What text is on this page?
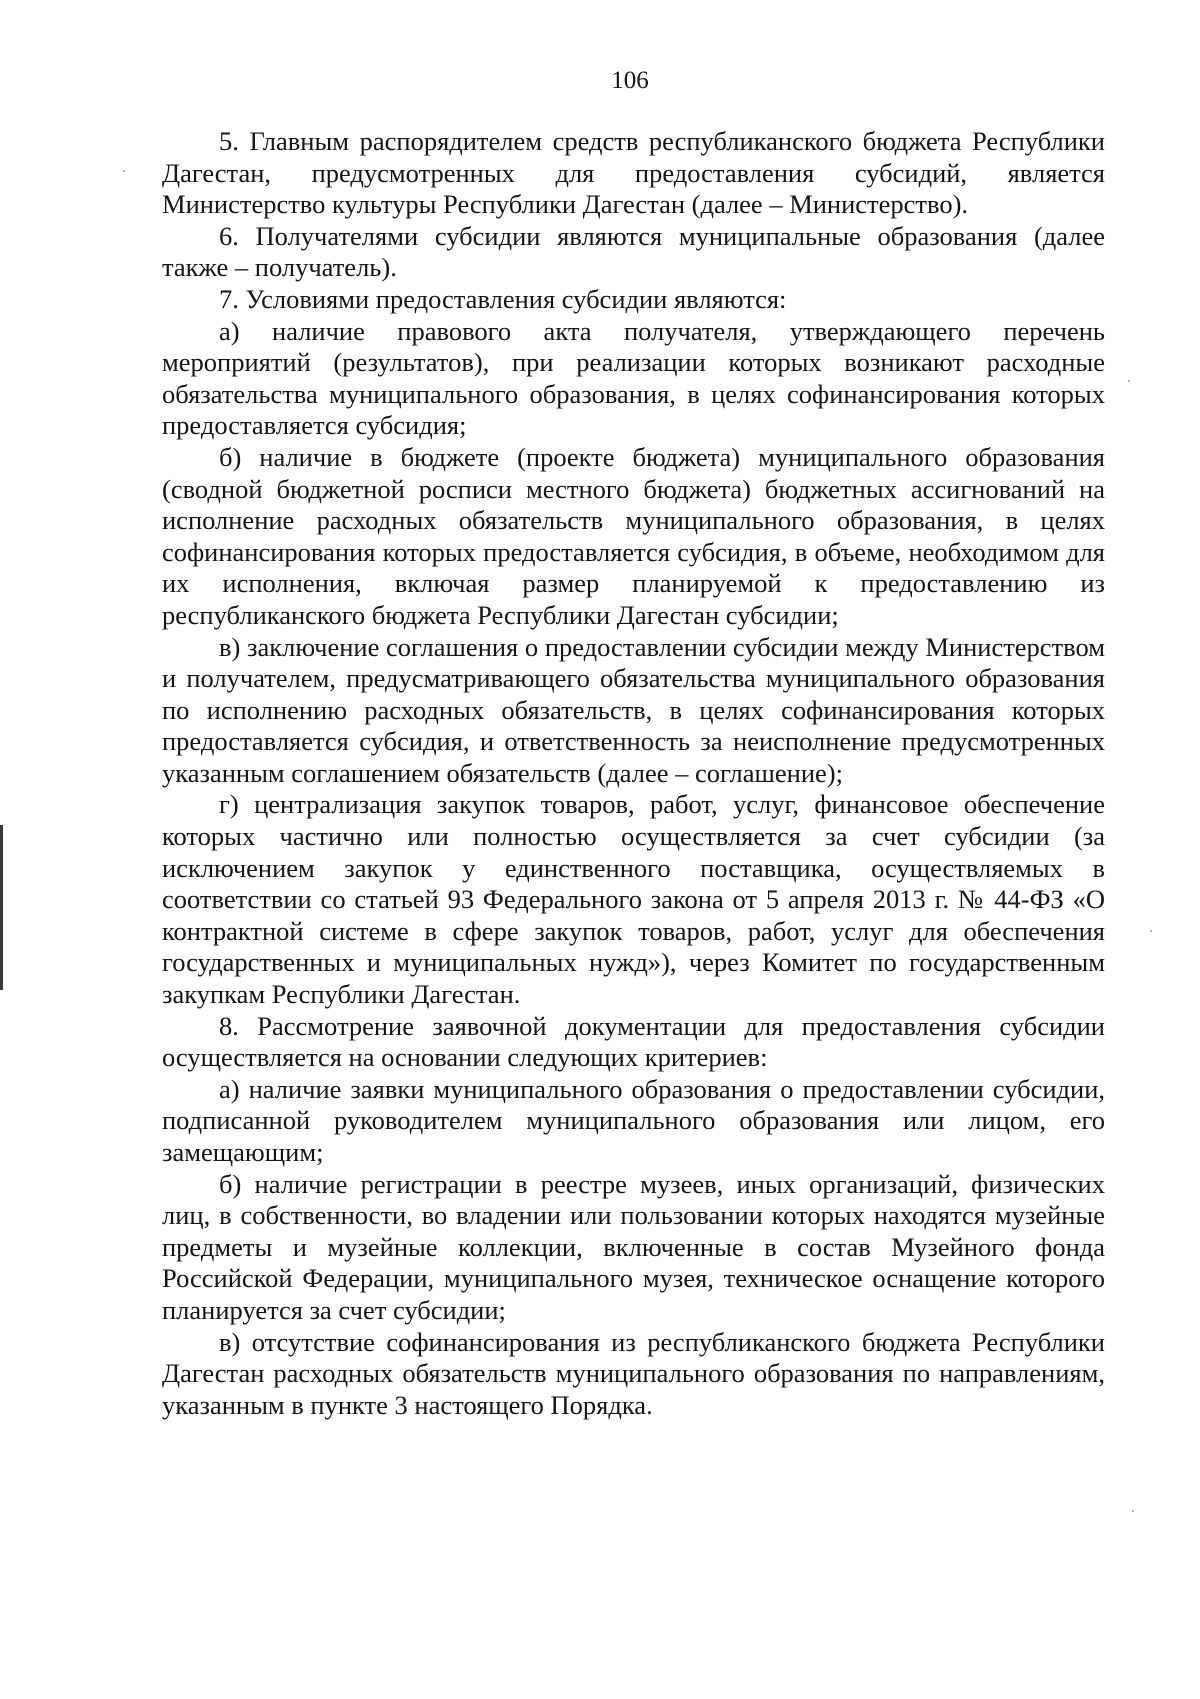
106

5. Главным распорядителем средств республиканского бюджета Республики Дагестан, предусмотренных для предоставления субсидий, является Министерство культуры Республики Дагестан (далее – Министерство).

6. Получателями субсидии являются муниципальные образования (далее также – получатель).

7. Условиями предоставления субсидии являются:

а) наличие правового акта получателя, утверждающего перечень мероприятий (результатов), при реализации которых возникают расходные обязательства муниципального образования, в целях софинансирования которых предоставляется субсидия;

б) наличие в бюджете (проекте бюджета) муниципального образования (сводной бюджетной росписи местного бюджета) бюджетных ассигнований на исполнение расходных обязательств муниципального образования, в целях софинансирования которых предоставляется субсидия, в объеме, необходимом для их исполнения, включая размер планируемой к предоставлению из республиканского бюджета Республики Дагестан субсидии;

в) заключение соглашения о предоставлении субсидии между Министерством и получателем, предусматривающего обязательства муниципального образования по исполнению расходных обязательств, в целях софинансирования которых предоставляется субсидия, и ответственность за неисполнение предусмотренных указанным соглашением обязательств (далее – соглашение);

г) централизация закупок товаров, работ, услуг, финансовое обеспечение которых частично или полностью осуществляется за счет субсидии (за исключением закупок у единственного поставщика, осуществляемых в соответствии со статьей 93 Федерального закона от 5 апреля 2013 г. № 44-ФЗ «О контрактной системе в сфере закупок товаров, работ, услуг для обеспечения государственных и муниципальных нужд»), через Комитет по государственным закупкам Республики Дагестан.

8. Рассмотрение заявочной документации для предоставления субсидии осуществляется на основании следующих критериев:

а) наличие заявки муниципального образования о предоставлении субсидии, подписанной руководителем муниципального образования или лицом, его замещающим;

б) наличие регистрации в реестре музеев, иных организаций, физических лиц, в собственности, во владении или пользовании которых находятся музейные предметы и музейные коллекции, включенные в состав Музейного фонда Российской Федерации, муниципального музея, техническое оснащение которого планируется за счет субсидии;

в) отсутствие софинансирования из республиканского бюджета Республики Дагестан расходных обязательств муниципального образования по направлениям, указанным в пункте 3 настоящего Порядка.
